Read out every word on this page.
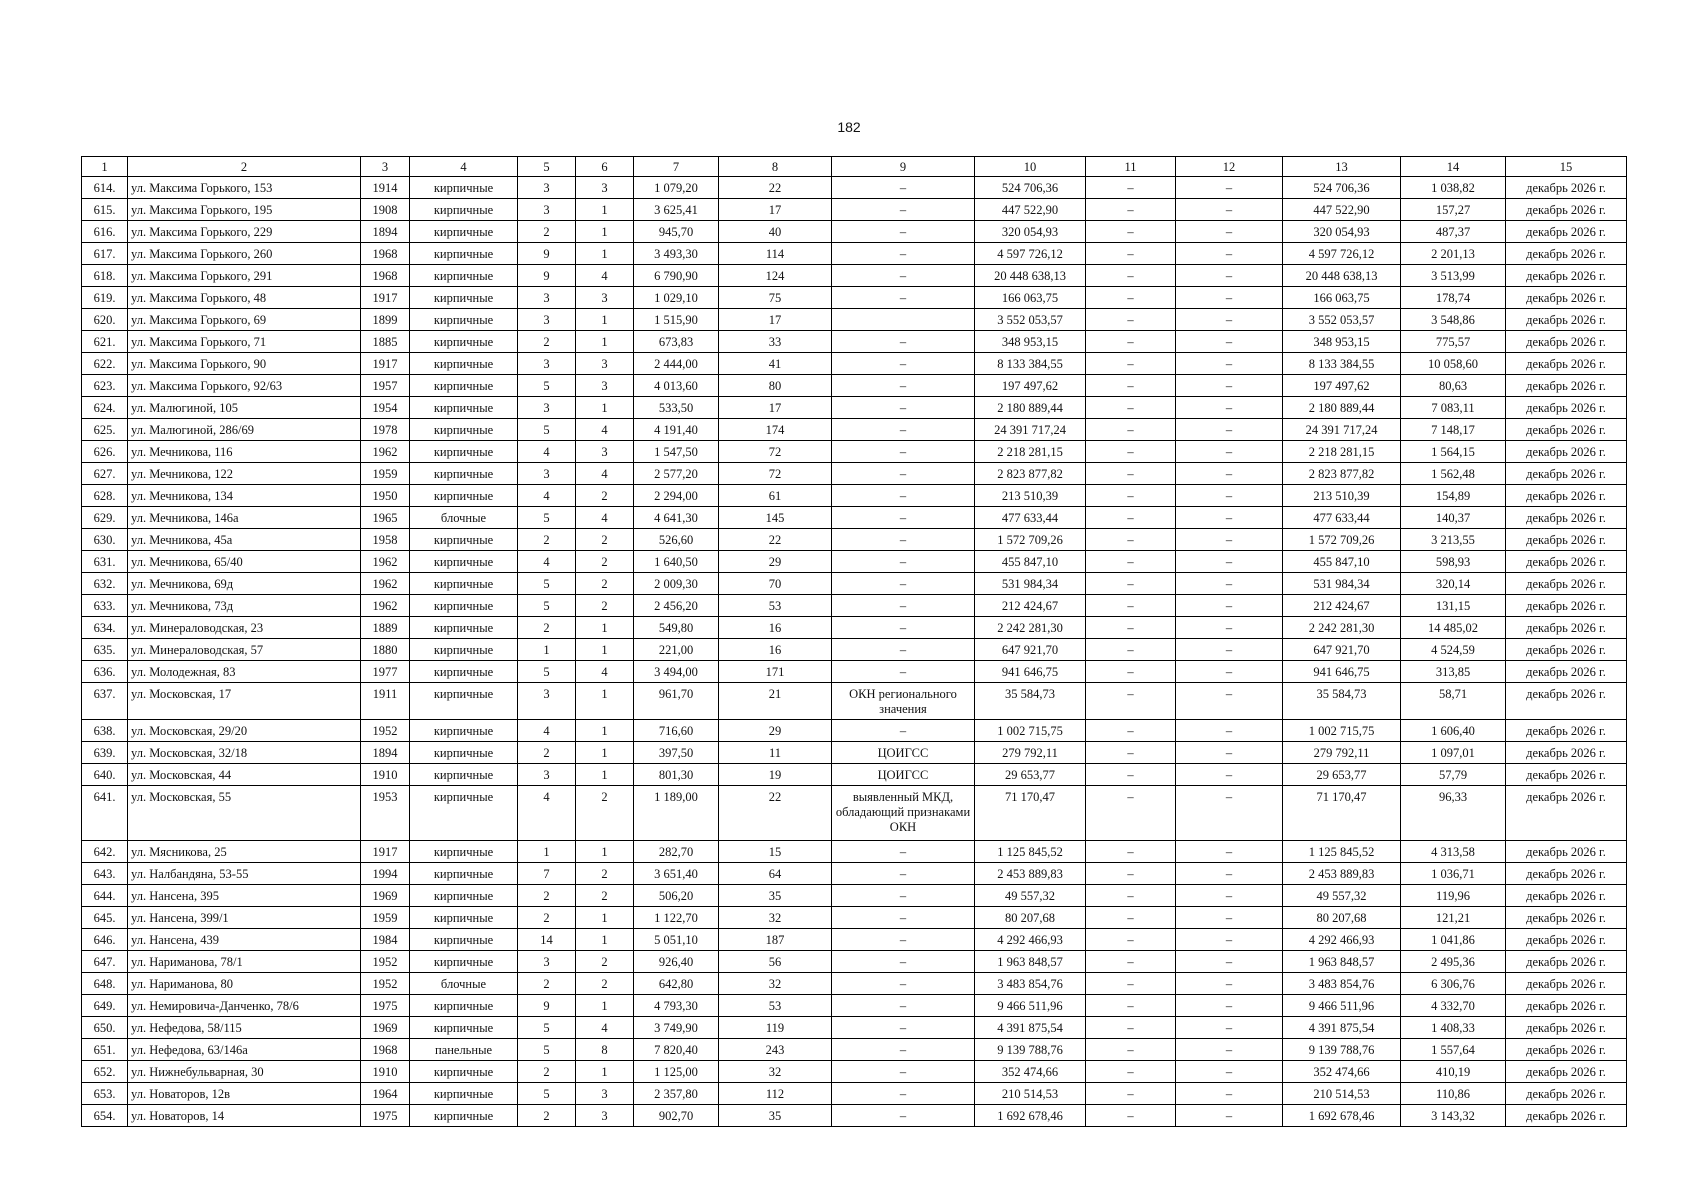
182
1	2	3	4	5	6	7	8	9	10	11	12	13	14	15
614.	ул. Максима Горького, 153	1914	кирпичные	3	3	1 079,20	22	–	524 706,36	–	–	524 706,36	1 038,82	декабрь 2026 г.
615.	ул. Максима Горького, 195	1908	кирпичные	3	1	3 625,41	17	–	447 522,90	–	–	447 522,90	157,27	декабрь 2026 г.
616.	ул. Максима Горького, 229	1894	кирпичные	2	1	945,70	40	–	320 054,93	–	–	320 054,93	487,37	декабрь 2026 г.
617.	ул. Максима Горького, 260	1968	кирпичные	9	1	3 493,30	114	–	4 597 726,12	–	–	4 597 726,12	2 201,13	декабрь 2026 г.
618.	ул. Максима Горького, 291	1968	кирпичные	9	4	6 790,90	124	–	20 448 638,13	–	–	20 448 638,13	3 513,99	декабрь 2026 г.
619.	ул. Максима Горького, 48	1917	кирпичные	3	3	1 029,10	75	–	166 063,75	–	–	166 063,75	178,74	декабрь 2026 г.
620.	ул. Максима Горького, 69	1899	кирпичные	3	1	1 515,90	17		3 552 053,57	–	–	3 552 053,57	3 548,86	декабрь 2026 г.
621.	ул. Максима Горького, 71	1885	кирпичные	2	1	673,83	33	–	348 953,15	–	–	348 953,15	775,57	декабрь 2026 г.
622.	ул. Максима Горького, 90	1917	кирпичные	3	3	2 444,00	41	–	8 133 384,55	–	–	8 133 384,55	10 058,60	декабрь 2026 г.
623.	ул. Максима Горького, 92/63	1957	кирпичные	5	3	4 013,60	80	–	197 497,62	–	–	197 497,62	80,63	декабрь 2026 г.
624.	ул. Малюгиной, 105	1954	кирпичные	3	1	533,50	17	–	2 180 889,44	–	–	2 180 889,44	7 083,11	декабрь 2026 г.
625.	ул. Малюгиной, 286/69	1978	кирпичные	5	4	4 191,40	174	–	24 391 717,24	–	–	24 391 717,24	7 148,17	декабрь 2026 г.
626.	ул. Мечникова, 116	1962	кирпичные	4	3	1 547,50	72	–	2 218 281,15	–	–	2 218 281,15	1 564,15	декабрь 2026 г.
627.	ул. Мечникова, 122	1959	кирпичные	3	4	2 577,20	72	–	2 823 877,82	–	–	2 823 877,82	1 562,48	декабрь 2026 г.
628.	ул. Мечникова, 134	1950	кирпичные	4	2	2 294,00	61	–	213 510,39	–	–	213 510,39	154,89	декабрь 2026 г.
629.	ул. Мечникова, 146а	1965	блочные	5	4	4 641,30	145	–	477 633,44	–	–	477 633,44	140,37	декабрь 2026 г.
630.	ул. Мечникова, 45а	1958	кирпичные	2	2	526,60	22	–	1 572 709,26	–	–	1 572 709,26	3 213,55	декабрь 2026 г.
631.	ул. Мечникова, 65/40	1962	кирпичные	4	2	1 640,50	29	–	455 847,10	–	–	455 847,10	598,93	декабрь 2026 г.
632.	ул. Мечникова, 69д	1962	кирпичные	5	2	2 009,30	70	–	531 984,34	–	–	531 984,34	320,14	декабрь 2026 г.
633.	ул. Мечникова, 73д	1962	кирпичные	5	2	2 456,20	53	–	212 424,67	–	–	212 424,67	131,15	декабрь 2026 г.
634.	ул. Минераловодская, 23	1889	кирпичные	2	1	549,80	16	–	2 242 281,30	–	–	2 242 281,30	14 485,02	декабрь 2026 г.
635.	ул. Минераловодская, 57	1880	кирпичные	1	1	221,00	16	–	647 921,70	–	–	647 921,70	4 524,59	декабрь 2026 г.
636.	ул. Молодежная, 83	1977	кирпичные	5	4	3 494,00	171	–	941 646,75	–	–	941 646,75	313,85	декабрь 2026 г.
637.	ул. Московская, 17	1911	кирпичные	3	1	961,70	21	ОКН регионального значения	35 584,73	–	–	35 584,73	58,71	декабрь 2026 г.
638.	ул. Московская, 29/20	1952	кирпичные	4	1	716,60	29	–	1 002 715,75	–	–	1 002 715,75	1 606,40	декабрь 2026 г.
639.	ул. Московская, 32/18	1894	кирпичные	2	1	397,50	11	ЦОИГСС	279 792,11	–	–	279 792,11	1 097,01	декабрь 2026 г.
640.	ул. Московская, 44	1910	кирпичные	3	1	801,30	19	ЦОИГСС	29 653,77	–	–	29 653,77	57,79	декабрь 2026 г.
641.	ул. Московская, 55	1953	кирпичные	4	2	1 189,00	22	выявленный МКД, обладающий признаками ОКН	71 170,47	–	–	71 170,47	96,33	декабрь 2026 г.
642.	ул. Мясникова, 25	1917	кирпичные	1	1	282,70	15	–	1 125 845,52	–	–	1 125 845,52	4 313,58	декабрь 2026 г.
643.	ул. Налбандяна, 53-55	1994	кирпичные	7	2	3 651,40	64	–	2 453 889,83	–	–	2 453 889,83	1 036,71	декабрь 2026 г.
644.	ул. Нансена, 395	1969	кирпичные	2	2	506,20	35	–	49 557,32	–	–	49 557,32	119,96	декабрь 2026 г.
645.	ул. Нансена, 399/1	1959	кирпичные	2	1	1 122,70	32	–	80 207,68	–	–	80 207,68	121,21	декабрь 2026 г.
646.	ул. Нансена, 439	1984	кирпичные	14	1	5 051,10	187	–	4 292 466,93	–	–	4 292 466,93	1 041,86	декабрь 2026 г.
647.	ул. Нариманова, 78/1	1952	кирпичные	3	2	926,40	56	–	1 963 848,57	–	–	1 963 848,57	2 495,36	декабрь 2026 г.
648.	ул. Нариманова, 80	1952	блочные	2	2	642,80	32	–	3 483 854,76	–	–	3 483 854,76	6 306,76	декабрь 2026 г.
649.	ул. Немировича-Данченко, 78/6	1975	кирпичные	9	1	4 793,30	53	–	9 466 511,96	–	–	9 466 511,96	4 332,70	декабрь 2026 г.
650.	ул. Нефедова, 58/115	1969	кирпичные	5	4	3 749,90	119	–	4 391 875,54	–	–	4 391 875,54	1 408,33	декабрь 2026 г.
651.	ул. Нефедова, 63/146а	1968	панельные	5	8	7 820,40	243	–	9 139 788,76	–	–	9 139 788,76	1 557,64	декабрь 2026 г.
652.	ул. Нижнебульварная, 30	1910	кирпичные	2	1	1 125,00	32	–	352 474,66	–	–	352 474,66	410,19	декабрь 2026 г.
653.	ул. Новаторов, 12в	1964	кирпичные	5	3	2 357,80	112	–	210 514,53	–	–	210 514,53	110,86	декабрь 2026 г.
654.	ул. Новаторов, 14	1975	кирпичные	2	3	902,70	35	–	1 692 678,46	–	–	1 692 678,46	3 143,32	декабрь 2026 г.
